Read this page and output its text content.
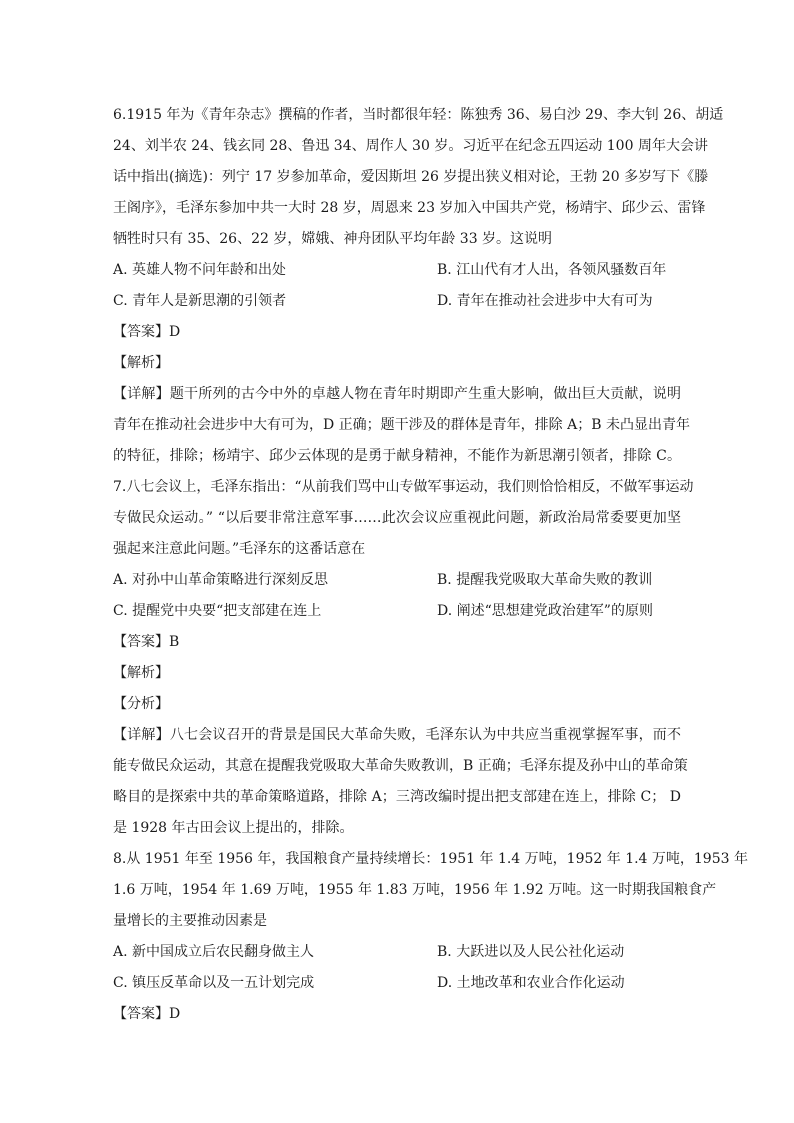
6.1915 年为《青年杂志》撰稿的作者，当时都很年轻：陈独秀 36、易白沙 29、李大钊 26、胡适
24、刘半农 24、钱玄同 28、鲁迅 34、周作人 30 岁。习近平在纪念五四运动 100 周年大会讲
话中指出(摘选)：列宁 17 岁参加革命，爱因斯坦 26 岁提出狭义相对论，王勃 20 多岁写下《滕
王阁序》，毛泽东参加中共一大时 28 岁，周恩来 23 岁加入中国共产党，杨靖宇、邱少云、雷锋
牺牲时只有 35、26、22 岁，嫦娥、神舟团队平均年龄 33 岁。这说明
A. 英雄人物不问年龄和出处	B. 江山代有才人出，各领风骚数百年
C. 青年人是新思潮的引领者	D. 青年在推动社会进步中大有可为
【答案】D
【解析】
【详解】题干所列的古今中外的卓越人物在青年时期即产生重大影响，做出巨大贡献，说明
青年在推动社会进步中大有可为，D 正确；题干涉及的群体是青年，排除 A；B 未凸显出青年
的特征，排除；杨靖宇、邱少云体现的是勇于献身精神，不能作为新思潮引领者，排除 C。
7.八七会议上，毛泽东指出：“从前我们骂中山专做军事运动，我们则恰恰相反，不做军事运动
专做民众运动。” “以后要非常注意军事……此次会议应重视此问题，新政治局常委要更加坚
强起来注意此问题。”毛泽东的这番话意在
A. 对孙中山革命策略进行深刻反思	B. 提醒我党吸取大革命失败的教训
C. 提醒党中央要“把支部建在连上	D. 阐述“思想建党政治建军”的原则
【答案】B
【解析】
【分析】
【详解】八七会议召开的背景是国民大革命失败，毛泽东认为中共应当重视掌握军事，而不
能专做民众运动，其意在提醒我党吸取大革命失败教训，B 正确；毛泽东提及孙中山的革命策
略目的是探索中共的革命策略道路，排除 A；三湾改编时提出把支部建在连上，排除 C； D
是 1928 年古田会议上提出的，排除。
8.从 1951 年至 1956 年，我国粮食产量持续增长：1951 年 1.4 万吨，1952 年 1.4 万吨，1953 年
1.6 万吨，1954 年 1.69 万吨，1955 年 1.83 万吨，1956 年 1.92 万吨。这一时期我国粮食产
量增长的主要推动因素是
A. 新中国成立后农民翻身做主人	B. 大跃进以及人民公社化运动
C. 镇压反革命以及一五计划完成	D. 土地改革和农业合作化运动
【答案】D
